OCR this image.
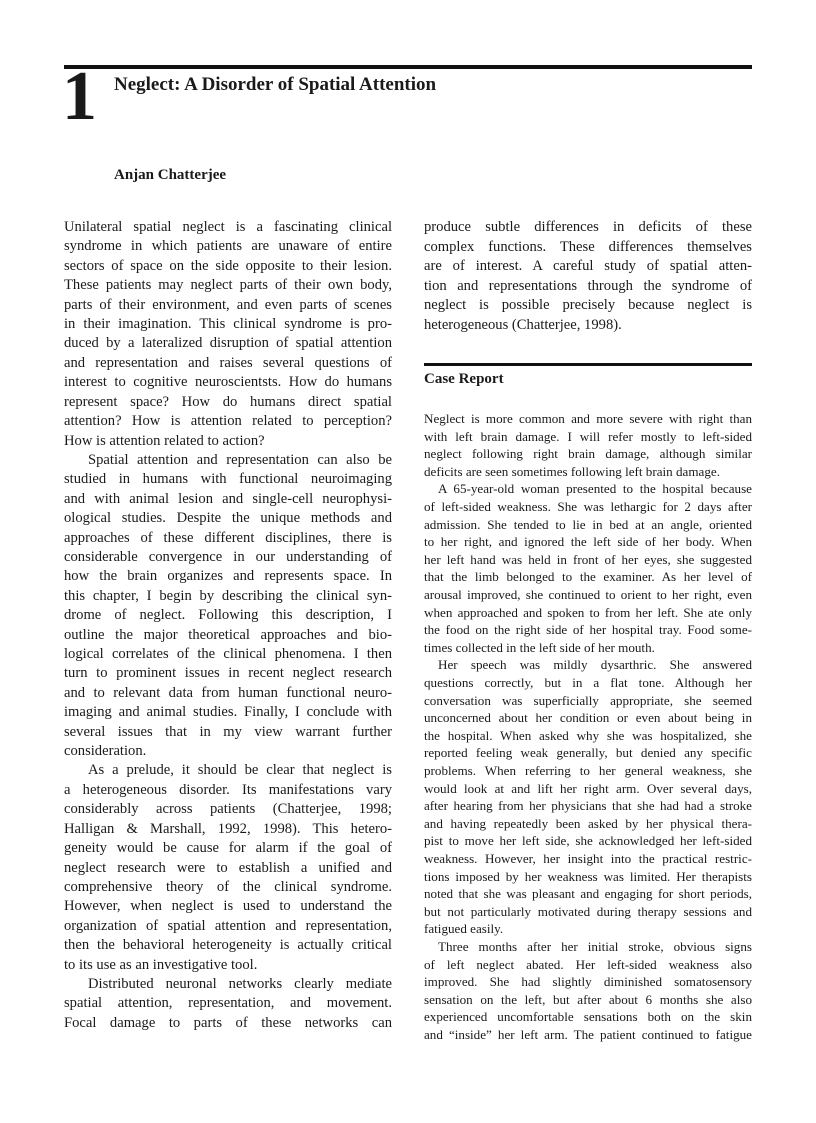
1 Neglect: A Disorder of Spatial Attention
Anjan Chatterjee
Unilateral spatial neglect is a fascinating clinical
syndrome in which patients are unaware of entire
sectors of space on the side opposite to their lesion.
These patients may neglect parts of their own body,
parts of their environment, and even parts of scenes
in their imagination. This clinical syndrome is pro-
duced by a lateralized disruption of spatial attention
and representation and raises several questions of
interest to cognitive neuroscientsts. How do humans
represent space? How do humans direct spatial
attention? How is attention related to perception?
How is attention related to action?
Spatial attention and representation can also be
studied in humans with functional neuroimaging
and with animal lesion and single-cell neurophysi-
ological studies. Despite the unique methods and
approaches of these different disciplines, there is
considerable convergence in our understanding of
how the brain organizes and represents space. In
this chapter, I begin by describing the clinical syn-
drome of neglect. Following this description, I
outline the major theoretical approaches and bio-
logical correlates of the clinical phenomena. I then
turn to prominent issues in recent neglect research
and to relevant data from human functional neuro-
imaging and animal studies. Finally, I conclude with
several issues that in my view warrant further
consideration.
As a prelude, it should be clear that neglect is
a heterogeneous disorder. Its manifestations vary
considerably across patients (Chatterjee, 1998;
Halligan & Marshall, 1992, 1998). This hetero-
geneity would be cause for alarm if the goal of
neglect research were to establish a unified and
comprehensive theory of the clinical syndrome.
However, when neglect is used to understand the
organization of spatial attention and representation,
then the behavioral heterogeneity is actually critical
to its use as an investigative tool.
Distributed neuronal networks clearly mediate
spatial attention, representation, and movement.
Focal damage to parts of these networks can
produce subtle differences in deficits of these
complex functions. These differences themselves
are of interest. A careful study of spatial atten-
tion and representations through the syndrome of
neglect is possible precisely because neglect is
heterogeneous (Chatterjee, 1998).
Case Report
Neglect is more common and more severe with right than
with left brain damage. I will refer mostly to left-sided
neglect following right brain damage, although similar
deficits are seen sometimes following left brain damage.
A 65-year-old woman presented to the hospital because
of left-sided weakness. She was lethargic for 2 days after
admission. She tended to lie in bed at an angle, oriented
to her right, and ignored the left side of her body. When
her left hand was held in front of her eyes, she suggested
that the limb belonged to the examiner. As her level of
arousal improved, she continued to orient to her right, even
when approached and spoken to from her left. She ate only
the food on the right side of her hospital tray. Food some-
times collected in the left side of her mouth.
Her speech was mildly dysarthric. She answered
questions correctly, but in a flat tone. Although her
conversation was superficially appropriate, she seemed
unconcerned about her condition or even about being in
the hospital. When asked why she was hospitalized, she
reported feeling weak generally, but denied any specific
problems. When referring to her general weakness, she
would look at and lift her right arm. Over several days,
after hearing from her physicians that she had had a stroke
and having repeatedly been asked by her physical thera-
pist to move her left side, she acknowledged her left-sided
weakness. However, her insight into the practical restric-
tions imposed by her weakness was limited. Her therapists
noted that she was pleasant and engaging for short periods,
but not particularly motivated during therapy sessions and
fatigued easily.
Three months after her initial stroke, obvious signs
of left neglect abated. Her left-sided weakness also
improved. She had slightly diminished somatosensory
sensation on the left, but after about 6 months she also
experienced uncomfortable sensations both on the skin
and “inside” her left arm. The patient continued to fatigue
